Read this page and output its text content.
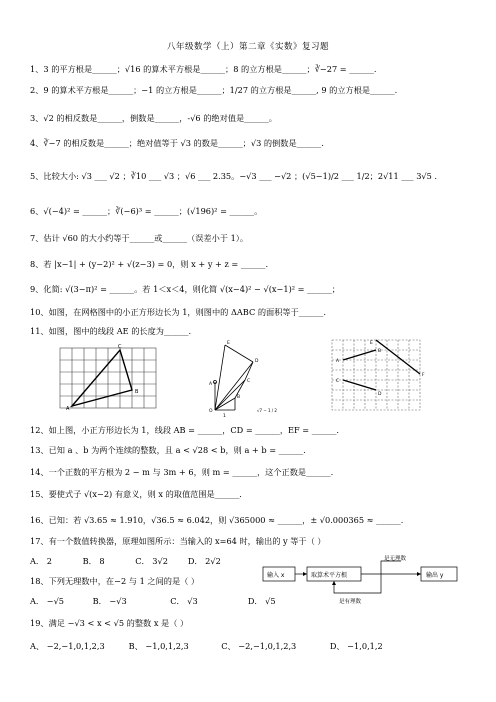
八年级数学（上）第二章《实数》复习题
1、3 的平方根是______；√16 的算术平方根是______；8 的立方根是______；∛−27 = ______.
2、9 的算术平方根是______；−1 的立方根是______；1/27 的立方根是______, 9 的立方根是______.
3、√2 的相反数是______，倒数是______，-√6 的绝对值是______。
4、∛−7 的相反数是______；绝对值等于 √3 的数是______；√3 的倒数是______.
5、比较大小: √3 ___ √2 ；∛10 ___ √3 ；√6 ___ 2.35。−√3 ___ −√2 ；(√5−1)/2 ___ 1/2；2√11 ___ 3√5 .
6、√(−4)² = ______；∛(−6)³ = ______；(√196)² = ______。
7、估计 √60 的大小约等于______或______（误差小于 1）。
8、若 |x−1| + (y−2)² + √(z−3) = 0，则 x + y + z = ______.
9、化简: √(3−π)² = ______。若 1＜x＜4，则化简 √(x−4)² − √(x−1)² = ______；
10、如图，在网格图中的小正方形边长为 1，则图中的 ΔABC 的面积等于______.
11、如图，图中的线段 AE 的长度为______.
A
C
B
A
O
E
D
C
B
1
√7 − 1 / 2
A
B
C
D
E
F
12、如上图，小正方形边长为 1，线段 AB = ______，CD = ______，EF = ______.
13、已知 a 、b 为两个连续的整数，且 a < √28 < b，则 a + b = ______.
14、一个正数的平方根为 2 − m 与 3m + 6，则 m = ______，这个正数是______.
15、要使式子 √(x−2) 有意义，则 x 的取值范围是______.
16、已知：若 √3.65 ≈ 1.910，√36.5 ≈ 6.042，则 √365000 ≈ ______，± √0.000365 ≈ ______.
17、有一个数值转换器，原理如图所示：当输入的 x=64 时，输出的 y 等于（ ）
A． 2	B． 8	C． 3√2 D． 2√2
输入 x	取算术平方根
是无理数
输出 y
是有理数
18、下列无理数中，在−2 与 1 之间的是（ ）
A． −√5	B． −√3	C． √3	D． √5
19、满足 −√3 < x < √5 的整数 x 是（ ）
A、 −2,−1,0,1,2,3	B、 −1,0,1,2,3	C、 −2,−1,0,1,2,3	D、 −1,0,1,2
